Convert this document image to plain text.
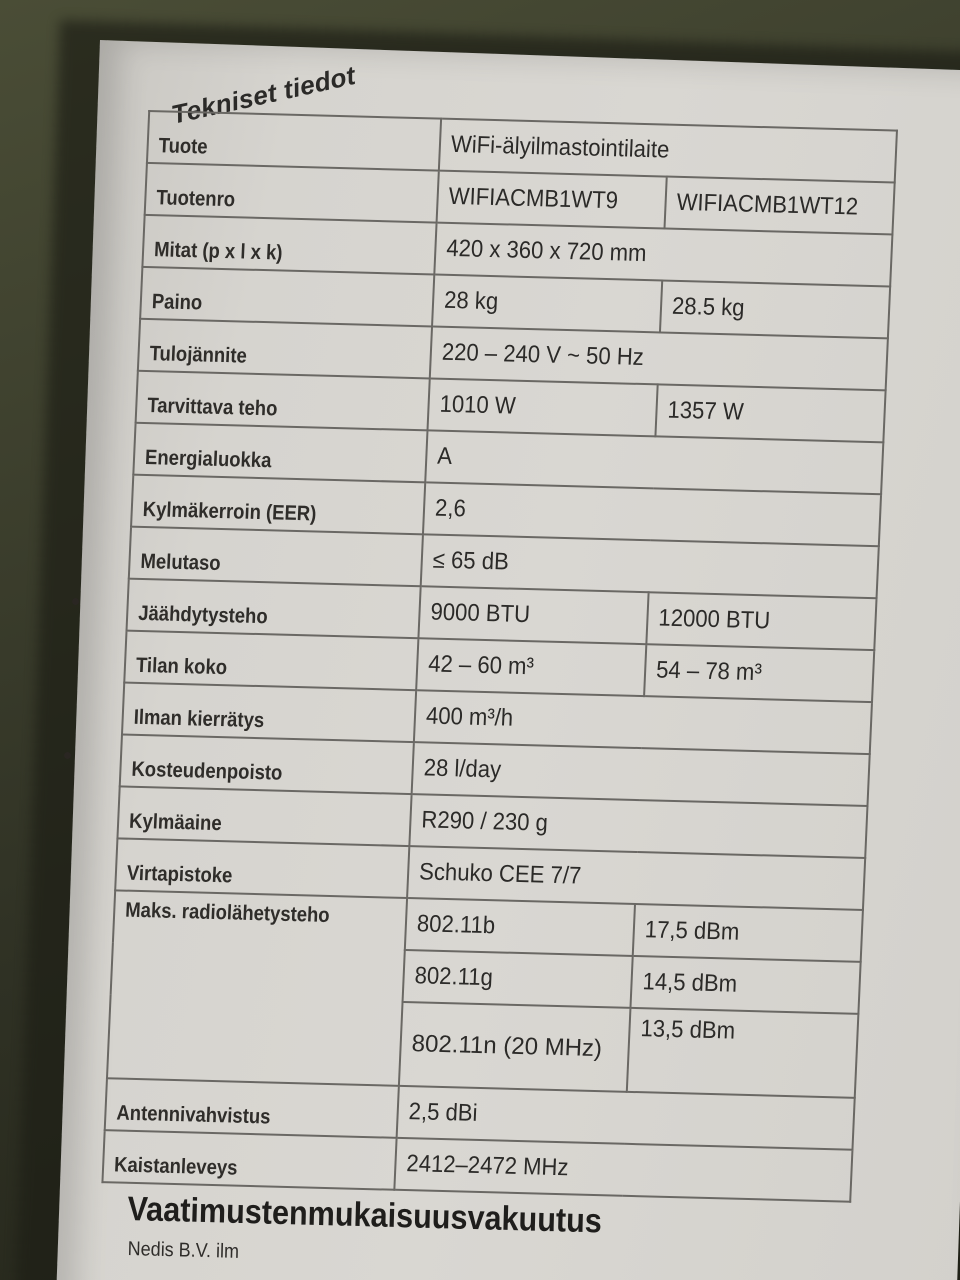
Tekniset tiedot
Tuote	WiFi-älyilmastointilaite	
Tuotenro	WIFIACMB1WT9	WIFIACMB1WT12
Mitat (p x l x k)	420 x 360 x 720 mm	
Paino	28 kg	28.5 kg
Tulojännite	220 – 240 V ~ 50 Hz	
Tarvittava teho	1010 W	1357 W
Energialuokka	A	
Kylmäkerroin (EER)	2,6	
Melutaso	≤ 65 dB	
Jäähdytysteho	9000 BTU	12000 BTU
Tilan koko	42 – 60 m³	54 – 78 m³
Ilman kierrätys	400 m³/h	
Kosteudenpoisto	28 l/day	
Kylmäaine	R290 / 230 g	
Virtapistoke	Schuko CEE 7/7	
Maks. radiolähetysteho	802.11b	17,5 dBm
	802.11g	14,5 dBm
	802.11n (20 MHz)	13,5 dBm
Antennivahvistus	2,5 dBi	
Kaistanleveys	2412–2472 MHz	
Vaatimustenmukaisuusvakuutus
Nedis B.V. ilm
